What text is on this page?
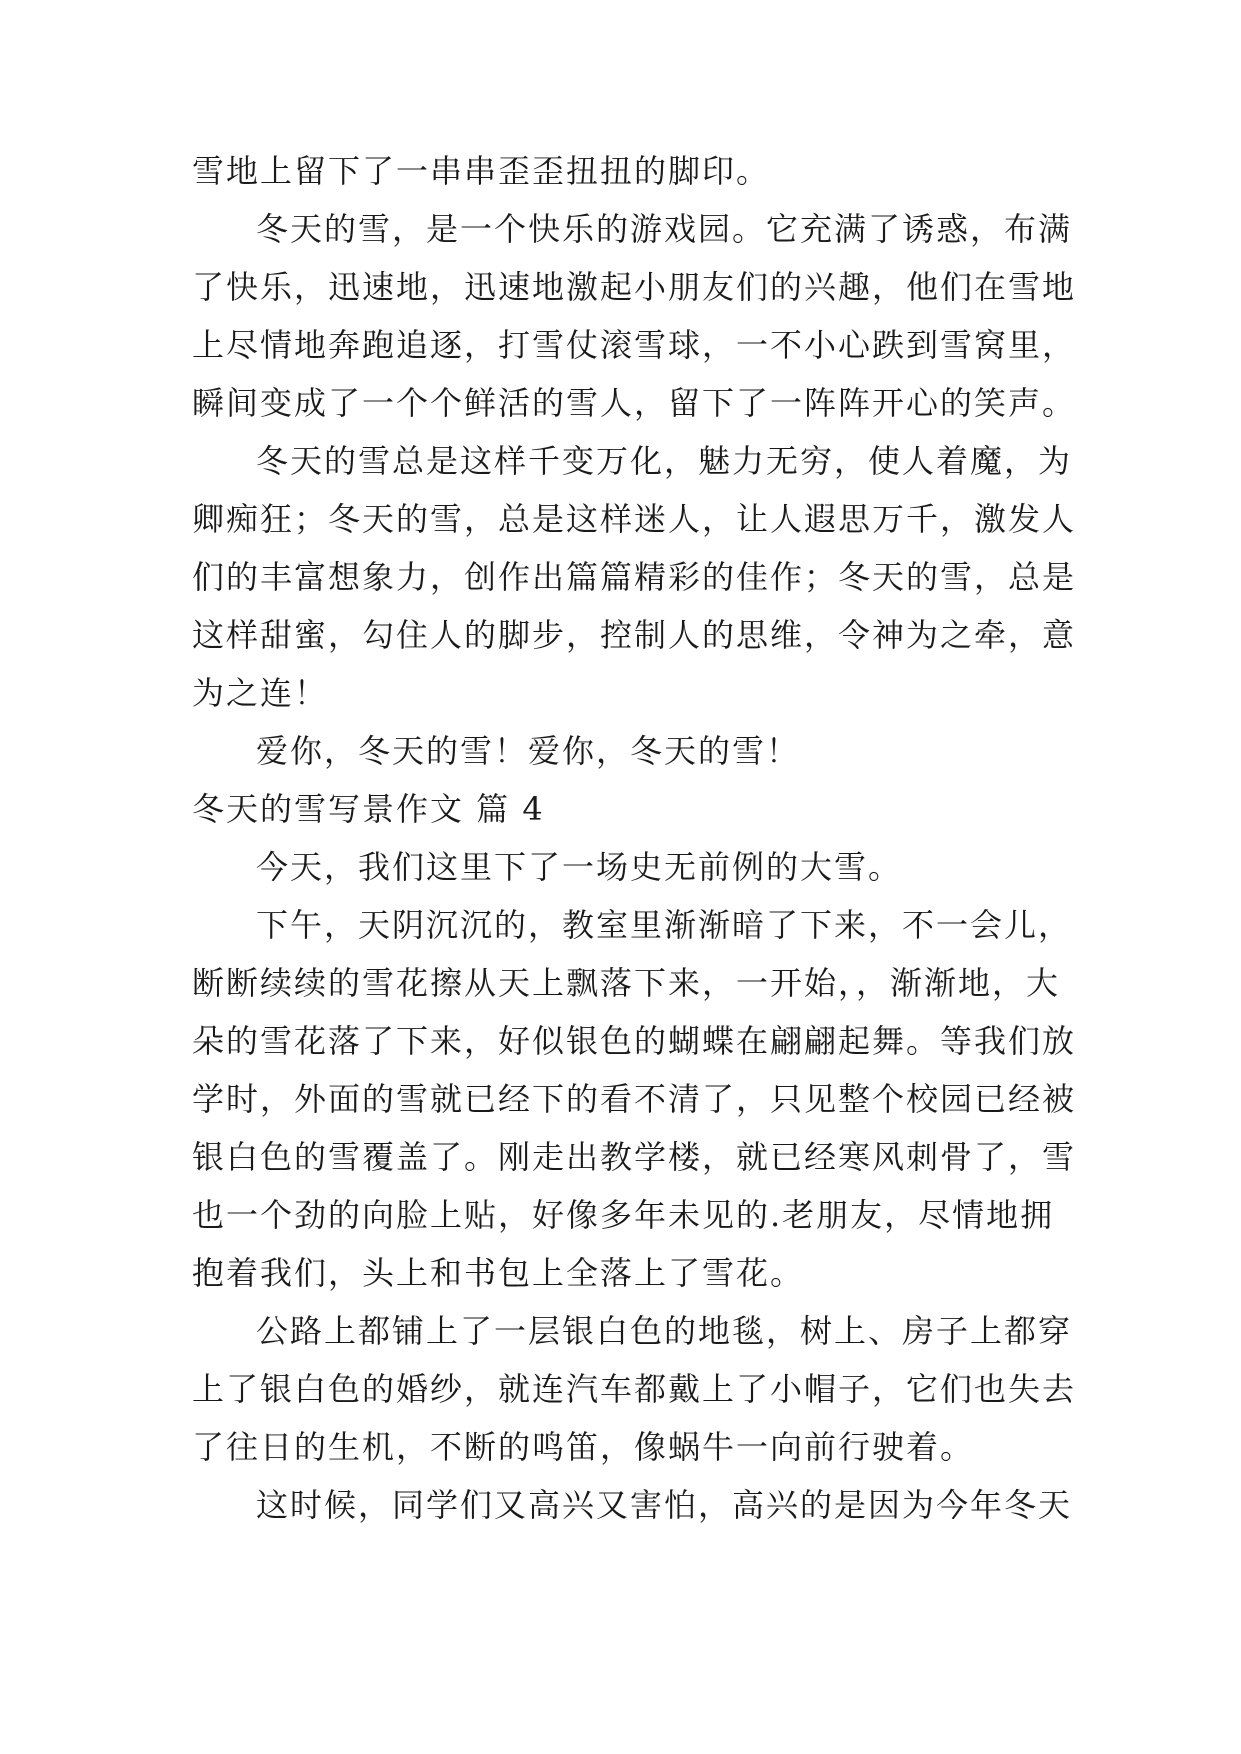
雪地上留下了一串串歪歪扭扭的脚印。
冬天的雪，是一个快乐的游戏园。它充满了诱惑，布满
了快乐，迅速地，迅速地激起小朋友们的兴趣，他们在雪地
上尽情地奔跑追逐，打雪仗滚雪球，一不小心跌到雪窝里，
瞬间变成了一个个鲜活的雪人，留下了一阵阵开心的笑声。
冬天的雪总是这样千变万化，魅力无穷，使人着魔，为
卿痴狂；冬天的雪，总是这样迷人，让人遐思万千，激发人
们的丰富想象力，创作出篇篇精彩的佳作；冬天的雪，总是
这样甜蜜，勾住人的脚步，控制人的思维，令神为之牵，意
为之连！
爱你，冬天的雪！爱你，冬天的雪！
冬天的雪写景作文 篇 4
今天，我们这里下了一场史无前例的大雪。
下午，天阴沉沉的，教室里渐渐暗了下来，不一会儿，
断断续续的雪花擦从天上飘落下来，一开始，，渐渐地，大
朵的雪花落了下来，好似银色的蝴蝶在翩翩起舞。等我们放
学时，外面的雪就已经下的看不清了，只见整个校园已经被
银白色的雪覆盖了。刚走出教学楼，就已经寒风刺骨了，雪
也一个劲的向脸上贴，好像多年未见的.老朋友，尽情地拥
抱着我们，头上和书包上全落上了雪花。
公路上都铺上了一层银白色的地毯，树上、房子上都穿
上了银白色的婚纱，就连汽车都戴上了小帽子，它们也失去
了往日的生机，不断的鸣笛，像蜗牛一向前行驶着。
这时候，同学们又高兴又害怕，高兴的是因为今年冬天
